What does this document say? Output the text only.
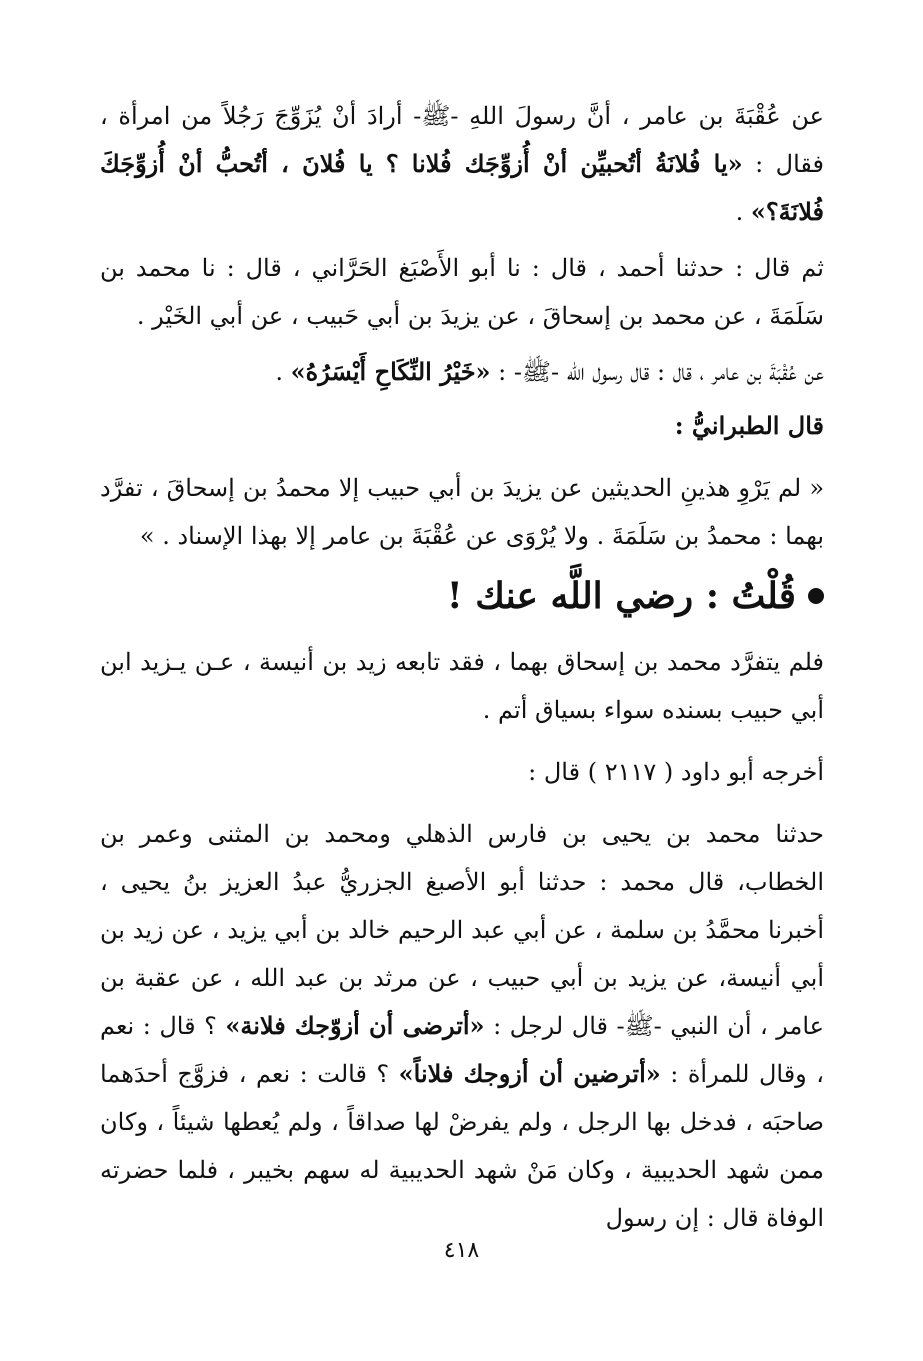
عن عُقْبَةَ بن عامر ، أنَّ رسولَ اللهِ -ﷺ- أرادَ أنْ يُزَوِّجَ رَجُلاً من امرأة ، فقال : «يا فُلانَةُ أتُحبيِّن أنْ أُزوِّجَك فُلانا ؟ يا فُلانَ ، أتُحبُّ أنْ أُزوِّجَكَ فُلانَةَ؟» .

ثم قال : حدثنا أحمد ، قال : نا أبو الأَصْبَغ الحَرَّاني ، قال : نا محمد بن سَلَمَةَ ، عن محمد بن إسحاقَ ، عن يزيدَ بن أبي حَبيب ، عن أبي الخَيْر .

عن عُقْبَةَ بن عامر ، قال : قال رسول الله -ﷺ- : «خَيْرُ النِّكَاحِ أَيْسَرُهُ» .

قال الطبرانيُّ :

« لم يَرْوِ هذينِ الحديثين عن يزيدَ بن أبي حبيب إلا محمدُ بن إسحاقَ ، تفرَّد بهما : محمدُ بن سَلَمَةَ . ولا يُرْوَى عن عُقْبَةَ بن عامر إلا بهذا الإسناد . »

قُلْتُ : رضي اللَّه عنك !

فلم يتفرَّد محمد بن إسحاق بهما ، فقد تابعه زيد بن أنيسة ، عـن يـزيد ابن أبي حبيب بسنده سواء بسياق أتم .

أخرجه أبو داود ( ٢١١٧ ) قال :

حدثنا محمد بن يحيى بن فارس الذهلي ومحمد بن المثنى وعمر بن الخطاب، قال محمد : حدثنا أبو الأصبغ الجزريُّ عبدُ العزيز بنُ يحيى ، أخبرنا محمَّدُ بن سلمة ، عن أبي عبد الرحيم خالد بن أبي يزيد ، عن زيد بن أبي أنيسة، عن يزيد بن أبي حبيب ، عن مرثد بن عبد الله ، عن عقبة بن عامر ، أن النبي -ﷺ- قال لرجل : «أترضى أن أزوّجك فلانة» ؟ قال : نعم ، وقال للمرأة : «أترضين أن أزوجك فلاناً» ؟ قالت : نعم ، فزوَّج أحدَهما صاحبَه ، فدخل بها الرجل ، ولم يفرضْ لها صداقاً ، ولم يُعطها شيئاً ، وكان ممن شهد الحديبية ، وكان مَنْ شهد الحديبية له سهم بخيبر ، فلما حضرته الوفاة قال : إن رسول

٤١٨
